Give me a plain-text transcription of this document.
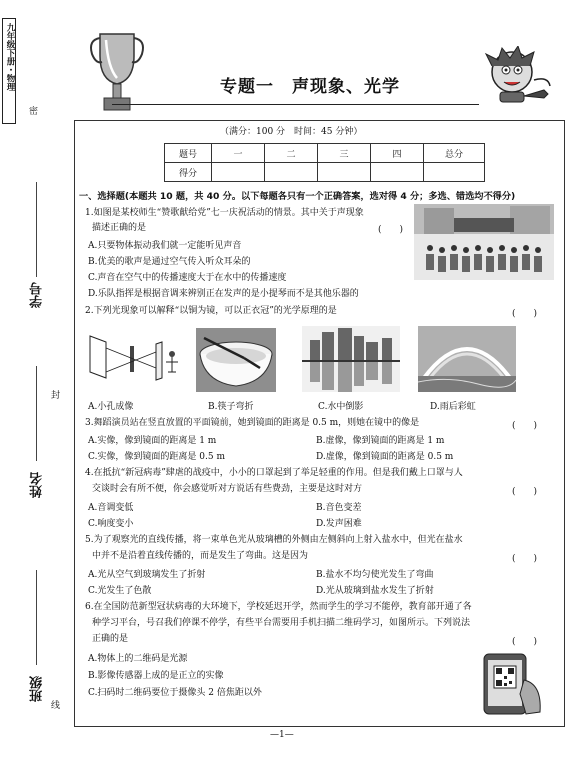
九年级下册・物理
密
封
线
学号
姓名
班级
专题一　声现象、光学
（满分：100 分　时间：45 分钟）
题号	一	二	三	四	总分
得分					
一、选择题(本题共 10 题，共 40 分。以下每题各只有一个正确答案，选对得 4 分；多选、错选均不得分)
1.如图是某校师生“赞歌献给党”七一庆祝活动的情景。其中关于声现象
描述正确的是	(　　)
A.只要物体振动我们就一定能听见声音
B.优美的歌声是通过空气传入听众耳朵的
C.声音在空气中的传播速度大于在水中的传播速度
D.乐队指挥是根据音调来辨别正在发声的是小提琴而不是其他乐器的
2.下列光现象可以解释“以铜为镜，可以正衣冠”的光学原理的是	(　　)
A.小孔成像	B.筷子弯折	C.水中倒影	D.雨后彩虹
3.舞蹈演员站在竖直放置的平面镜前，她到镜面的距离是 0.5 m，则她在镜中的像是	(　　)
A.实像，像到镜面的距离是 1 m	B.虚像，像到镜面的距离是 1 m
C.实像，像到镜面的距离是 0.5 m	D.虚像，像到镜面的距离是 0.5 m
4.在抵抗“新冠病毒”肆虐的战疫中，小小的口罩起到了举足轻重的作用。但是我们戴上口罩与人
交谈时会有所不便，你会感觉听对方说话有些费劲，主要是这时对方	(　　)
A.音调变低	B.音色变差
C.响度变小	D.发声困难
5.为了观察光的直线传播，将一束单色光从玻璃槽的外侧由左侧斜向上射入盐水中，但光在盐水
中并不是沿着直线传播的，而是发生了弯曲。这是因为	(　　)
A.光从空气到玻璃发生了折射	B.盐水不均匀使光发生了弯曲
C.光发生了色散	D.光从玻璃到盐水发生了折射
6.在全国防范新型冠状病毒的大环境下，学校延迟开学，然而学生的学习不能停，教育部开通了各
种学习平台，号召我们停课不停学，有些平台需要用手机扫描二维码学习，如图所示。下列说法
正确的是	(　　)
A.物体上的二维码是光源
B.影像传感器上成的是正立的实像
C.扫码时二维码要位于摄像头 2 倍焦距以外
—1—
